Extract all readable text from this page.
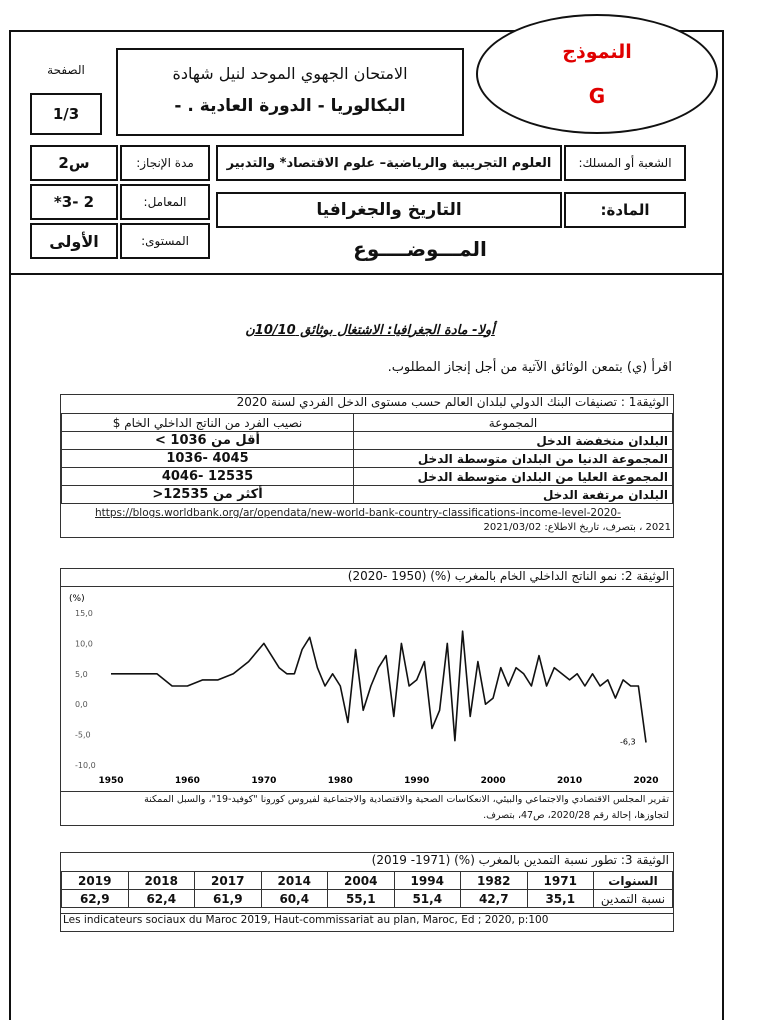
الصفحة
1/3
الامتحان الجهوي الموحد لنيل شهادة
البكالوريا - الدورة العادية . -
النموذج
G
2س	مدة الإنجاز:
*3- 2	المعامل:
الأولى	المستوى:
العلوم التجريبية والرياضية– علوم الاقتصاد* والتدبير	الشعبة أو المسلك:
التاريخ والجغرافيا	المادة:
المـــوضــــوع
أولا- مادة الجغرافيا: الاشتغال بوثائق 10/10ن
اقرأ (ي) بتمعن الوثائق الآتية من أجل إنجاز المطلوب.
الوثيقة1 : تصنيفات البنك الدولي لبلدان العالم حسب مستوى الدخل الفردي لسنة 2020
المجموعة	نصيب الفرد من الناتج الداخلي الخام $
البلدان منخفضة الدخل	أقل من 1036 >
المجموعة الدنيا من البلدان متوسطة الدخل	4045 -1036
المجموعة العليا من البلدان متوسطة الدخل	12535 -4046
البلدان مرتفعة الدخل	أكثر من 12535<
https://blogs.worldbank.org/ar/opendata/new-world-bank-country-classifications-income-level-2020-
2021 ، بتصرف، تاريخ الاطلاع: 2021/03/02
الوثيقة 2: نمو الناتج الداخلي الخام بالمغرب (%) (1950 -2020)
(%)
15,0
10,0
5,0
0,0
-5,0
-10,0
1950	1960	1970	1980	1990	2000	2010	2020
-6,3
تقرير المجلس الاقتصادي والاجتماعي والبيئي، الانعكاسات الصحية والاقتصادية والاجتماعية لفيروس كورونا "كوفيد-19"، والسبل الممكنة
لتجاوزها، إحالة رقم 2020/28، ص47، بتصرف.
الوثيقة 3: تطور نسبة التمدين بالمغرب (%) (1971- 2019)
السنوات	1971	1982	1994	2004	2014	2017	2018	2019
نسبة التمدين	35,1	42,7	51,4	55,1	60,4	61,9	62,4	62,9
Les indicateurs sociaux du Maroc 2019, Haut-commissariat au plan, Maroc, Ed ; 2020, p:100
